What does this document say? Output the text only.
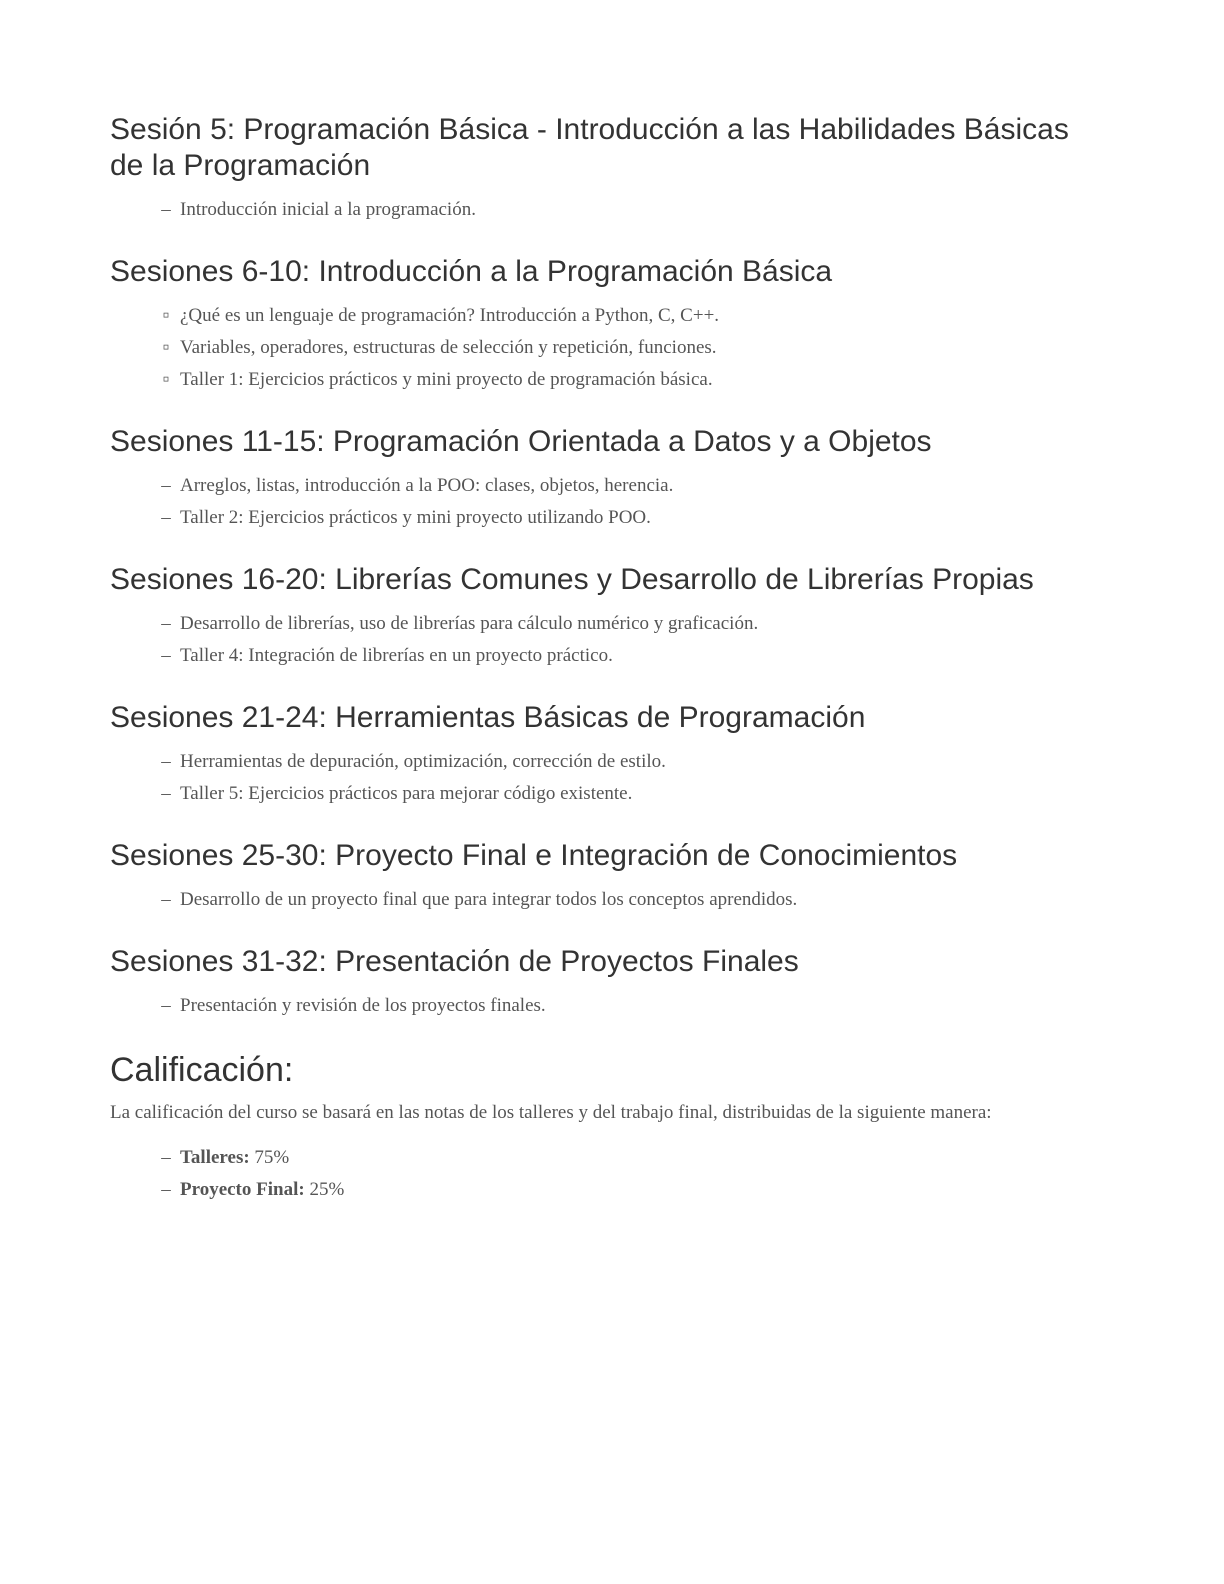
Sesión 5: Programación Básica - Introducción a las Habilidades Básicas de la Programación
– Introducción inicial a la programación.
Sesiones 6-10: Introducción a la Programación Básica
▫ ¿Qué es un lenguaje de programación? Introducción a Python, C, C++.
▫ Variables, operadores, estructuras de selección y repetición, funciones.
▫ Taller 1: Ejercicios prácticos y mini proyecto de programación básica.
Sesiones 11-15: Programación Orientada a Datos y a Objetos
– Arreglos, listas, introducción a la POO: clases, objetos, herencia.
– Taller 2: Ejercicios prácticos y mini proyecto utilizando POO.
Sesiones 16-20: Librerías Comunes y Desarrollo de Librerías Propias
– Desarrollo de librerías, uso de librerías para cálculo numérico y graficación.
– Taller 4: Integración de librerías en un proyecto práctico.
Sesiones 21-24: Herramientas Básicas de Programación
– Herramientas de depuración, optimización, corrección de estilo.
– Taller 5: Ejercicios prácticos para mejorar código existente.
Sesiones 25-30: Proyecto Final e Integración de Conocimientos
– Desarrollo de un proyecto final que para integrar todos los conceptos aprendidos.
Sesiones 31-32: Presentación de Proyectos Finales
– Presentación y revisión de los proyectos finales.
Calificación:

La calificación del curso se basará en las notas de los talleres y del trabajo final, distribuidas de la siguiente manera:

– Talleres: 75%
– Proyecto Final: 25%
